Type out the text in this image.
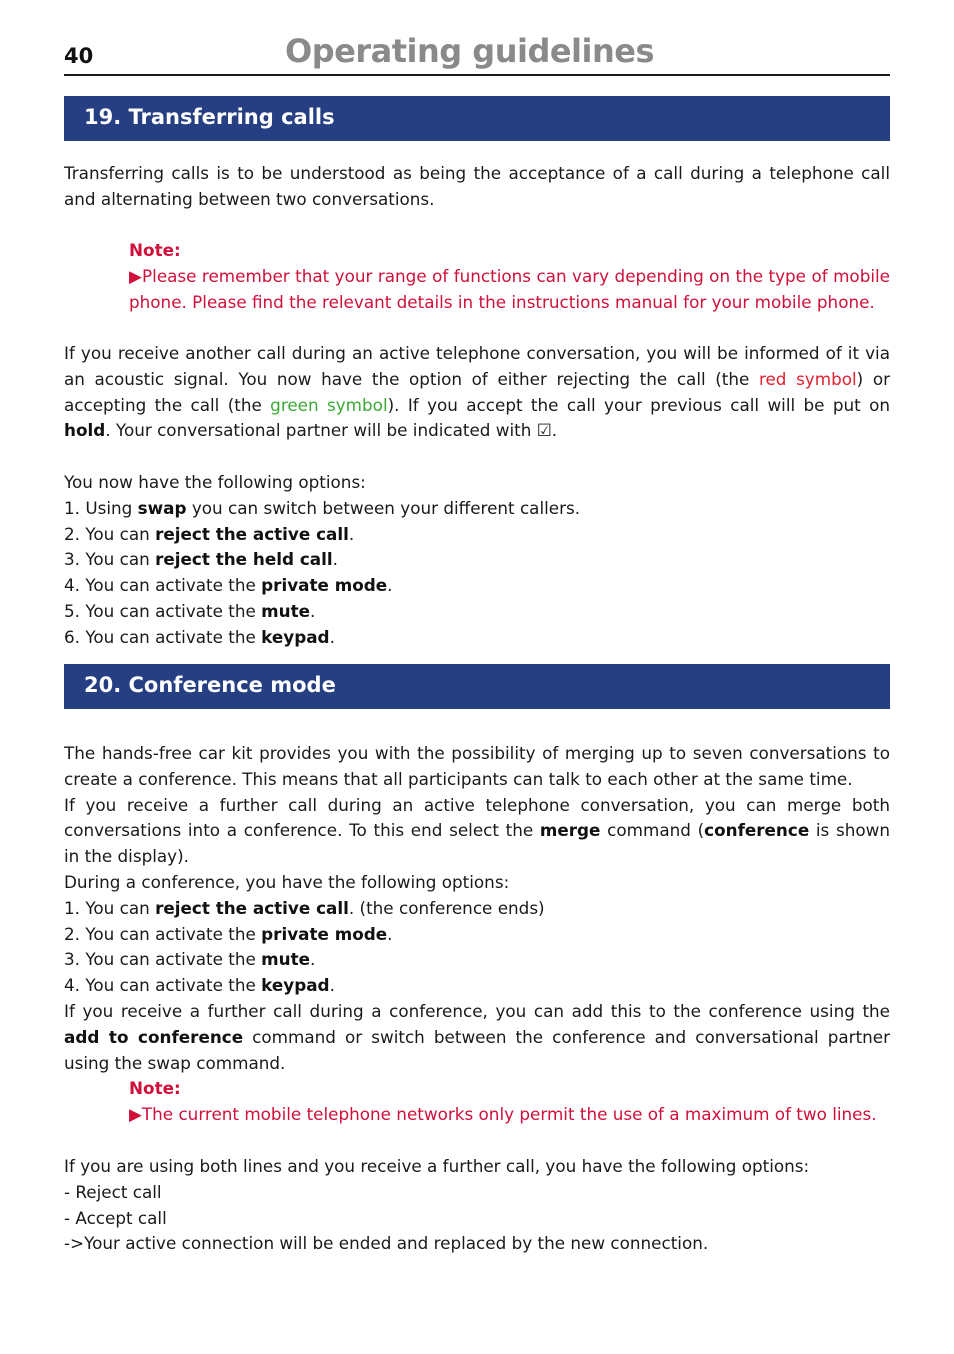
40	Operating guidelines
19. Transferring calls

Transferring calls is to be understood as being the acceptance of a call during a telephone call and alternating between two conversations.

Note:
▶Please remember that your range of functions can vary depending on the type of mobile phone. Please find the relevant details in the instructions manual for your mobile phone.

If you receive another call during an active telephone conversation, you will be informed of it via an acoustic signal. You now have the option of either rejecting the call (the red symbol) or accepting the call (the green symbol). If you accept the call your previous call will be put on hold. Your conversational partner will be indicated with ☑.

You now have the following options:
1. Using swap you can switch between your different callers.
2. You can reject the active call.
3. You can reject the held call.
4. You can activate the private mode.
5. You can activate the mute.
6. You can activate the keypad.
20. Conference mode
The hands-free car kit provides you with the possibility of merging up to seven conversations to create a conference. This means that all participants can talk to each other at the same time.
If you receive a further call during an active telephone conversation, you can merge both conversations into a conference. To this end select the merge command (conference is shown in the display).
During a conference, you have the following options:
1. You can reject the active call. (the conference ends)
2. You can activate the private mode.
3. You can activate the mute.
4. You can activate the keypad.
If you receive a further call during a conference, you can add this to the conference using the add to conference command or switch between the conference and conversational partner using the swap command.
Note:
▶The current mobile telephone networks only permit the use of a maximum of two lines.
If you are using both lines and you receive a further call, you have the following options:
- Reject call
- Accept call
->Your active connection will be ended and replaced by the new connection.
